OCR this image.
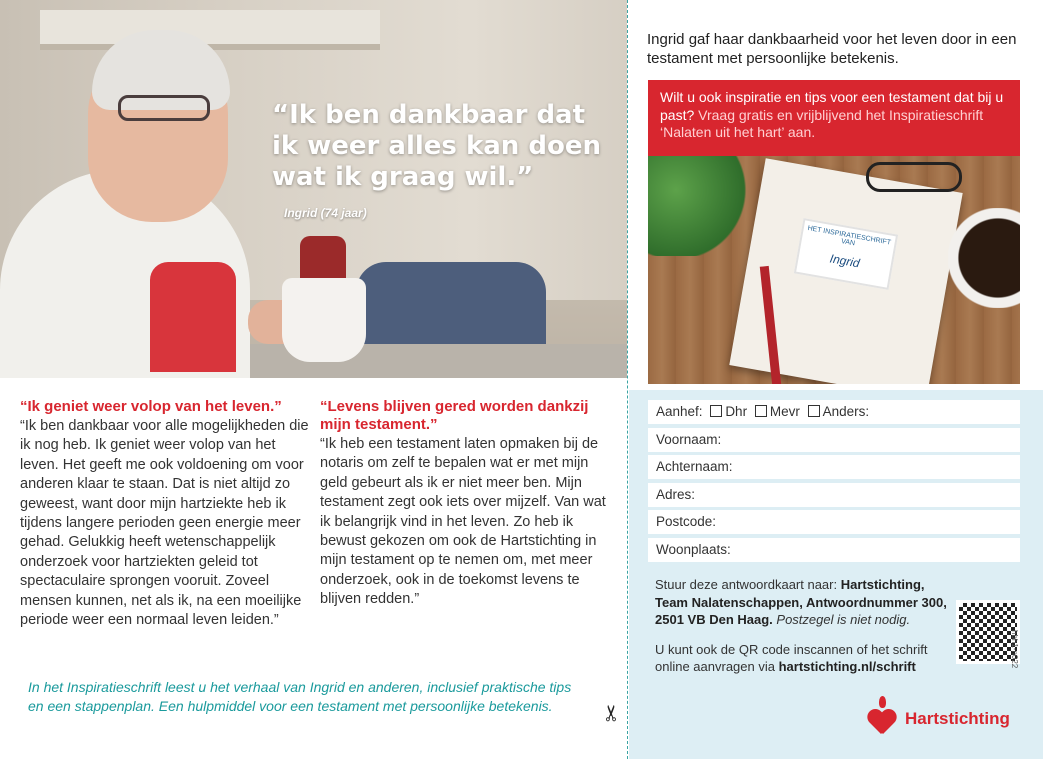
“Ik ben dankbaar dat ik weer alles kan doen wat ik graag wil.”
Ingrid (74 jaar)
“Ik geniet weer volop van het leven.”

“Ik ben dankbaar voor alle mogelijkheden die ik nog heb. Ik geniet weer volop van het leven. Het geeft me ook voldoening om voor anderen klaar te staan. Dat is niet altijd zo geweest, want door mijn hartziekte heb ik tijdens langere perioden geen energie meer gehad. Gelukkig heeft wetenschappelijk onderzoek voor hartziekten geleid tot spectaculaire sprongen vooruit. Zoveel mensen kunnen, net als ik, na een moeilijke periode weer een normaal leven leiden.”

“Levens blijven gered worden dankzij mijn testament.”

“Ik heb een testament laten opmaken bij de notaris om zelf te bepalen wat er met mijn geld gebeurt als ik er niet meer ben. Mijn testament zegt ook iets over mijzelf. Van wat ik belangrijk vind in het leven. Zo heb ik bewust gekozen om ook de Hartstichting in mijn testament op te nemen om, met meer onderzoek, ook in de toekomst levens te blijven redden.”

In het Inspiratieschrift leest u het verhaal van Ingrid en anderen, inclusief praktische tips en een stappenplan. Een hulpmiddel voor een testament met persoonlijke betekenis.	✂
Ingrid gaf haar dankbaarheid voor het leven door in een testament met persoonlijke betekenis.
Wilt u ook inspiratie en tips voor een testament dat bij u past? Vraag gratis en vrijblijvend het Inspiratieschrift ‘Nalaten uit het hart’ aan.
HET INSPIRATIESCHRIFT VAN
Ingrid
Aanhef: Dhr Mevr Anders:
Voornaam:
Achternaam:
Adres:
Postcode:
Woonplaats:
Stuur deze antwoordkaart naar: Hartstichting, Team Nalatenschappen, Antwoordnummer 300, 2501 VB Den Haag. Postzegel is niet nodig.
U kunt ook de QR code inscannen of het schrift online aanvragen via hartstichting.nl/schrift	hbh1-n022
Hartstichting
